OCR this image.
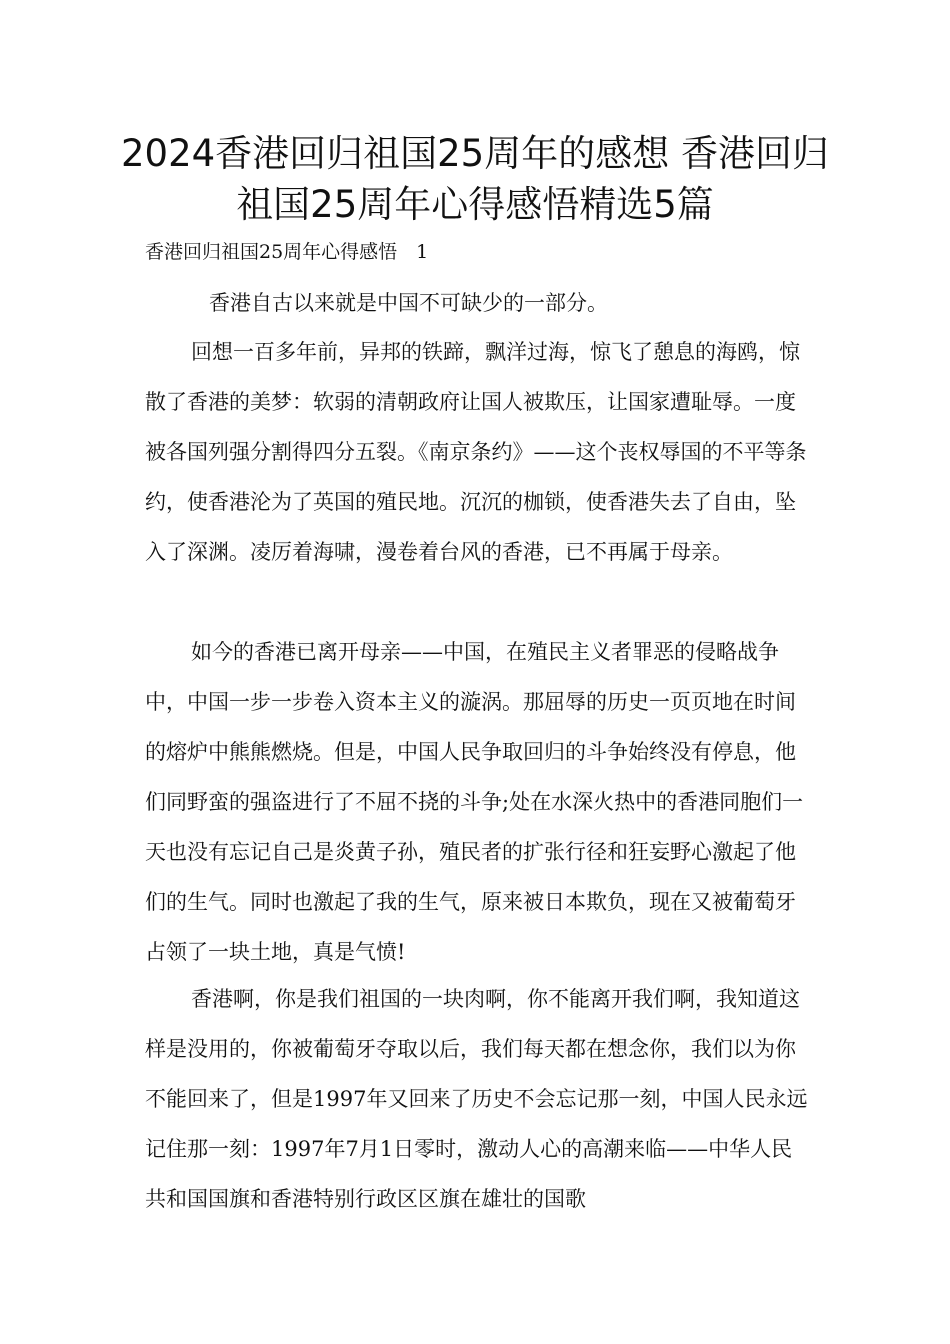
2024香港回归祖国25周年的感想 香港回归祖国25周年心得感悟精选5篇

香港回归祖国25周年心得感悟　1

香港自古以来就是中国不可缺少的一部分。

回想一百多年前，异邦的铁蹄，飘洋过海，惊飞了憩息的海鸥，惊散了香港的美梦：软弱的清朝政府让国人被欺压，让国家遭耻辱。一度被各国列强分割得四分五裂。《南京条约》——这个丧权辱国的不平等条约，使香港沦为了英国的殖民地。沉沉的枷锁，使香港失去了自由，坠入了深渊。凌厉着海啸，漫卷着台风的香港，已不再属于母亲。

如今的香港已离开母亲——中国，在殖民主义者罪恶的侵略战争中，中国一步一步卷入资本主义的漩涡。那屈辱的历史一页页地在时间的熔炉中熊熊燃烧。但是，中国人民争取回归的斗争始终没有停息，他们同野蛮的强盗进行了不屈不挠的斗争;处在水深火热中的香港同胞们一天也没有忘记自己是炎黄子孙，殖民者的扩张行径和狂妄野心激起了他们的生气。同时也激起了我的生气，原来被日本欺负，现在又被葡萄牙占领了一块土地，真是气愤!

香港啊，你是我们祖国的一块肉啊，你不能离开我们啊，我知道这样是没用的，你被葡萄牙夺取以后，我们每天都在想念你，我们以为你不能回来了，但是1997年又回来了历史不会忘记那一刻，中国人民永远记住那一刻：1997年7月1日零时，激动人心的高潮来临——中华人民共和国国旗和香港特别行政区区旗在雄壮的国歌
